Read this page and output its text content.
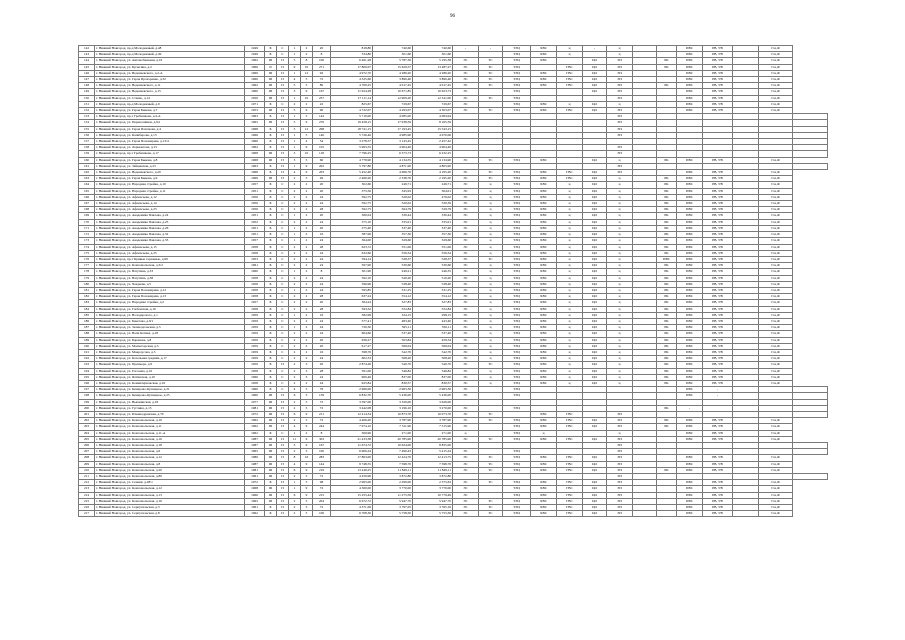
96
142	г. Нижний Новгород, пр-д Молодежный, д.48	1949	Б	С	1	2	20	818,80	740,60	740,60	-	-	ТЭЦ	ХВС	ц	-	ц			ПВС	РВ, УВ		Газ,Ф	
143	г. Нижний Новгород, пр-д Молодежный, д.49	1949	Б	С	1	2	8	334,80	301,60	301,60			ТЭЦ	ХВС	ц		ц			ПВС	РВ, УВ		Газ,Ф	
144	г. Нижний Новгород, ул. Автомобильная, д.16	1962	III	П	5	8	100	6 461,28	5 787,36	5 195,38	ЭС	ТС	ТЭЦ	ХВС		ЦО	ЭП		РК	ПВС	РВ, УВ		Газ,Ф	
145	г. Нижний Новгород, ул. Бусыгина, д.2	1966	II	П	9	10	271	17 800,07	15 629,57	13 487,27	ЭС	ТС	ТЭЦ		ГВС	ЦО	ЭП		РК	ПВС	РВ, УВ		Газ,Ф	
146	г. Нижний Новгород, ул. Веденеевского, д.2-А	1969	III	П	1	12	92	4 972,70	4 289,20	4 289,20	ЭС	ТС	ТЭЦ	ХВС	ГВС	ЦО	ЭП			ПВС	РВ, УВ		Газ,Ф	
147	г. Нижний Новгород, ул. Героя Прохоренко, д.32	1960	III	П	4	5	72	4 325,60	3 890,40	3 890,40	ЭС	ТС	ТЭЦ	ХВС	ГВС	ЦО	ЭП			ПВС	РВ, УВ		Газ,Ф	
148	г. Нижний Новгород, ул. Веденеевского, д.11	1962	III	П	5	5	80	4 709,25	4 017,45	4 017,45	ЭС	ТС	ТЭЦ	ХВС	ГВС	ЦО	ЭП		РК	ПВС	РВ, УВ		Газ,Ф	
149	г. Нижний Новгород, ул. Веденеевского, д.15	1960	III	П	3	9	167	11 924,28	10 671,85	10 623,73	ЭС		ТЭЦ			ЦО	ЭП			ПВС	РВ, УВ		Газ,Ф	
150	г. Нижний Новгород, ул. Станко, д.14	1950	III	П	1	10	257	17 111,14	12 909,20	12 341,00	ЭС	ТС	ТЭЦ				ЭП			ПВС	РВ, УВ		Газ,Ф	
151	г. Нижний Новгород, пр-д Молодежный, д.9	1971	Б	С	2	2	22	825,67	729,67	729,67	ЭС		ТЭЦ	ХВС	ц	ЦО	ц			ПВС	РВ, УВ		Газ,Ф	
152	г. Нижний Новгород, ул. Героя Быкова, д.7	1953	III	П	5	6	90	4 722,07	4 293,07	4 303,07	ЭС	ТС	ТЭЦ	ХВС	ГВС	ЦО	ЭП			ПВС	РВ, УВ		Газ,Ф	
153	г. Нижний Новгород, пр-т Гребешкова, д.4-А	1963	Б	П	1	5	142	5 719,00	4 085,00	4 084,94							ЭП							
154	г. Нижний Новгород, ул. Перевозчиков, д.94	1965	III	П	5	9	270	19 458,15	17 938,59	8 165,59							ЭП							
155	г. Нижний Новгород, ул. Героя Пахомова, д.4	1968	Б	П	5	12	298	18 741,15	17 193,45	15 543,15							ЭП							
156	г. Нижний Новгород, ул. Калиберова, д.13	1966	Б	П	1	5	140	5 726,46	4 985,90	4 670,06							ЭП							
157	г. Нижний Новгород, ул. Героя Пономарева, д.13/4	1966	Б	П	1	4	54	3 278,57	3 143,45	2 457,42														
158	г. Нижний Новгород, ул. Лермонтова, д.15	1962	Б	П	1	9	105	5 963,55	4 904,40	4 904,40							ЭП							
159	г. Нижний Новгород, пр-т Гребешкова, д.17	1968	III	П	3	10	118	7 796,25	6 373,73	6 232,25							ЭП							
160	г. Нижний Новгород, ул. Героя Быкова, д.8	1968	III	П	3	5	60	4 779,90	4 134,55	4 134,90	ЭС	ТС	ТЭЦ	ХВС		ЦО	ц		РК	ПВС	РВ, УВ		Газ,Ф	
161	г. Нижний Новгород, ул. Зайцевская, д.23	1963	Б	П	1	9	202	5 797,80	4 871,90	4 803,90							ЭП							
162	г. Нижний Новгород, ул. Веденеевского, д.20	1968	Б	П	4	9	203	5 452,40	4 696,70	4 195,20	ЭС	ТС	ТЭЦ	ХВС	ГВС	ЦО	ЭП			ПВС	РВ, УВ		Газ,Ф	
163	г. Нижний Новгород, ул. Героя Быкова, д.9	1969	III	П	2	5	49	2 469,20	2 338,70	2 195,20	ЭС	ТС	ТЭЦ	ХВС	ГВС	ЦО	ц		РК	ПВС	РВ, УВ		Газ,Ф	
164	г. Нижний Новгород, ул. Народная стройка, д.10	1957	Б	С	2	2	20	302,60	249,71	249,71	ЭС	ц	ТЭЦ	ХВС	ц	ЦО	ц		РК	ПВС	РВ, УВ		Газ,Ф	
165	г. Нижний Новгород, ул. Народная стройка, д.11	1951	Б	С	2	2	20	375,56	345,93	304,01	ЭС	ц	ТЭЦ	ХВС	ц	ЦО	ц		РК	ПВС	РВ, УВ		Газ,Ф	
166	г. Нижний Новгород, ул. Афанасьева, д.12	1956	Б	С	2	2	24	592,75	520,02	476,02	ЭС	ц	ТЭЦ	ХВС	ц	ЦО	ц		РК	ПВС	РВ, УВ		Газ,Ф	
167	г. Нижний Новгород, ул. Афанасьева, д.14	1956	Б	С	2	2	24	592,75	520,02	530,39	ЭС	ц	ТЭЦ	ХВС	ц	ЦО	ц		РК	ПВС	РВ, УВ		Газ,Ф	
168	г. Нижний Новгород, ул. Афанасьева, д.23	1956	Б	С	2	2	28	592,75	564,79	529,79	ЭС	ц	ТЭЦ	ХВС	ц	ЦО	ц		РК	ПВС	РВ, УВ		Газ,Ф	
169	г. Нижний Новгород, ул. Академика Павлова, д.24	1951	Б	С	1	2	20	360,04	330,44	330,44	ЭС	ц	ТЭЦ	ХВС	ц	ЦО	ц		РК	ПВС	РВ, УВ		Газ,Ф	
170	г. Нижний Новгород, ул. Академика Павлова, д.25	1952	Б	С	2	2	24	375,10	335,01	335,01	ЭС	ц	ТЭЦ	ХВС	ц	ЦО	ц		РК	ПВС	РВ, УВ		Газ,Ф	
171	г. Нижний Новгород, ул. Академика Павлова, д.26	1951	Б	С	1	2	20	375,40	337,40	337,40	ЭС	ц	ТЭЦ	ХВС	ц	ЦО	ц		РК	ПВС	РВ, УВ		Газ,Ф	
172	г. Нижний Новгород, ул. Академика Павлова, д.32	1951	Б	С	1	2	16	387,96	357,30	357,30	ЭС	ц	ТЭЦ	ХВС	ц	ЦО	ц		РК	ПВС	РВ, УВ		Газ,Ф	
173	г. Нижний Новгород, ул. Академика Павлова, д.33	1957	Б	С	1	2	24	364,00	329,60	329,60	ЭС	ц	ТЭЦ	ХВС	ц	ЦО	ц		РК	ПВС	РВ, УВ		Газ,Ф	
174	г. Нижний Новгород, ул. Афанасьева, д.15	1958	Б	С	2	2	28	623,72	551,06	551,06	ЭС	ц	ТЭЦ	ХВС	ц	ЦО	ц		РК	ПВС	РВ, УВ		Газ,Ф	
175	г. Нижний Новгород, ул. Афанасьева, д.25	1958	Б	С	2	2	24	632,60	556,34	556,34	ЭС	ц	ТЭЦ	ХВС	ц	ЦО	ц		РК	ПВС	РВ, УВ		Газ,Ф	
176	г. Нижний Новгород, пр-т Кривые гаражные, д.69	1953	Б	С	2	2	24	594,14	528,37	528,37	ЭС	ТС	ТЭЦ	ХВС	ц	ЦО	ц		ПВС	ПВС	РВ, УВ		Газ,Ф	
177	г. Нижний Новгород, ул. Комсомольская, д.3/2	1961	Б	С	2	2	24	597,90	530,60	530,60	ЭС	ц	ТЭЦ	ХВС	ц	ЦО	ц		РК	ПВС	РВ, УВ		Газ,Ф	
178	г. Нижний Новгород, ул. Ватутина, д.33	1960	Б	С	1	2	8	301,90	249,21	246,35	ЭС	ц	ТЭЦ	ХВС	ц	ЦО	ц		РК	ПВС	РВ, УВ		Газ,Ф	
179	г. Нижний Новгород, ул. Ватутина, д.38	1958	Б	С	2	2	24	592,10	540,20	510,20	ЭС	ц	ТЭЦ	ХВС	ц	ЦО	ц		РК	ПВС	РВ, УВ		Газ,Ф	
180	г. Нижний Новгород, ул. Чаадаева, д.5	1958	Б	С	2	2	24	596,96	538,40	538,40	ЭС	ц	ТЭЦ	ХВС	ц	ЦО	ц		РК	ПВС	РВ, УВ		Газ,Ф	
181	г. Нижний Новгород, ул. Героя Пономарева, д.12	1958	Б	С	1	2	24	595,85	531,25	531,25	ЭС	ц	ТЭЦ	ХВС	ц	ЦО	ц		РК	ПВС	РВ, УВ		Газ,Ф	
182	г. Нижний Новгород, ул. Героя Пономарева, д.13	1958	Б	С	2	2	28	637,24	554,12	554,12	ЭС	ц	ТЭЦ	ХВС	ц	ЦО	ц		РК	ПВС	РВ, УВ		Газ,Ф	
183	г. Нижний Новгород, ул. Народная стройка, д.2	1957	Б	С	2	2	20	364,24	327,83	327,83	ЭС	ц	ТЭЦ	ХВС	ц	ЦО	ц		РК	ПВС	РВ, УВ		Газ,Ф	
184	г. Нижний Новгород, ул. Глебовская, д.10	1958	Б	С	2	2	28	593,32	552,84	552,84	ЭС	ц	ТЭЦ	ХВС	ц	ЦО	ц		РК	ПВС	РВ, УВ		Газ,Ф	
185	г. Нижний Новгород, ул. Володарского, д.1	1959	Б	С	1	2	16	382,99	324,15	298,15	ЭС	ц	ТЭЦ	ХВС	ц	ЦО	ц		РК	ПВС	РВ, УВ		Газ,Ф	
186	г. Нижний Новгород, ул. Бекетова, д.9/1	1959	Б	С	2	2	24	577,41	483,40	443,40	ЭС	ц	ТЭЦ	ХВС	ц	ЦО	ц		РК	ПВС	РВ, УВ		Газ,Ф	
187	г. Нижний Новгород, ул. Зеленодольская, д.5	1959	Б	С	1	2	24	720,30	595,11	556,11	ЭС	ц	ТЭЦ	ХВС	ц	ЦО	ц		РК	ПВС	РВ, УВ		Газ,Ф	
188	г. Нижний Новгород, ул. Вали Котика, д.18	1959	Б	С	2	2	24	604,60	537,40	537,40	ЭС	ц	ТЭЦ	ХВС	ц	ЦО	ц		РК	ПВС	РВ, УВ		Газ,Ф	
189	г. Нижний Новгород, ул. Баранова, д.8	1959	Б	С	2	2	20	636,27	503,84	459,34	ЭС	ц	ТЭЦ	ХВС	ц	ЦО	ц		РК	ПВС	РВ, УВ		Газ,Ф	
190	г. Нижний Новгород, ул. Мончегорская, д.3	1959	Б	С	2	2	20	617,27	569,04	569,04	ЭС	ц	ТЭЦ	ХВС	ц	ЦО	ц		РК	ПВС	РВ, УВ		Газ,Ф	
191	г. Нижний Новгород, ул. Мокроусова, д.5	1959	Б	С	2	2	16	598,70	542,70	542,70	ЭС	ц	ТЭЦ	ХВС	ц	ЦО	ц		РК	ПВС	РВ, УВ		Газ,Ф	
192	г. Нижний Новгород, ул. Котельная средняя, д.17	1959	Б	С	2	2	24	602,33	568,20	508,20	ЭС	ц	ТЭЦ	ХВС	ц	ЦО	ц		РК	ПВС	РВ, УВ		Газ,Ф	
193	г. Нижний Новгород, ул. Премьера, д.9	1959	Б	П	2	3	20	2 874,26	540,70	540,70	ЭС	ТС	ТЭЦ	ХВС	ц	ЦО	ц		РК	ПВС	РВ, УВ		Газ,Ф	
194	г. Нижний Новгород, ул. Гоголева, д.10	1958	Б	С	2	3	28	591,00	546,82	546,82	ЭС	ц	ТЭЦ	ХВС	ц	ЦО	ц		РК	ПВС	РВ, УВ		Газ,Ф	
195	г. Нижний Новгород, ул. Ялтинская, д.10	1960	Б	С	2	3	24	900,46	837,00	837,00	ЭС	ц	ТЭЦ	ХВС	ц	ЦО	ц		РК	ПВС	РВ, УВ		Газ,Ф	
196	г. Нижний Новгород, ул. Коминтерновская, д.16	1958	Б	С	2	2	24	925,84	830,57	830,57	ЭС	ц	ТЭЦ	ХВС	ц	ЦО	ц		РК	ПВС	РВ, УВ		Газ,Ф	
197	г. Нижний Новгород, ул. Кемерово-Кузнецкое, д.21	1960	Б	С	4	5	76	2 969,00	2 963,30	2 963,30	ЭС		ТЭЦ							ПВС	-			
198	г. Нижний Новгород, ул. Кемерово-Кузнецкое, д.25	1960	III	П	6	5	139	6 832,70	5 436,00	5 436,00	ЭС		ТЭЦ							ПВС	-			
199	г. Нижний Новгород, ул. Вьюжинская, д.18	1977	III	П	2	5	72	3 597,00	3 329,00	3 629,00														
200	г. Нижний Новгород, ул. Гуслица, д.15	1981	III	П	2	5	72	3 442,08	3 196,10	3 270,00	ЭС		ТЭЦ						РК	-				
201	г. Нижний Новгород, ул. Ильинодранская, д.79	1972	III	П	6	9	211	12 414,34	10 873,70	10 073,70	ЭС	ТС		ХВС	ГВС		ЭП							
202	г. Нижний Новгород, ул. Комсомольская, д.10	1962	III	П	2	5	72	4 406,20	3 787,90	3 787,90	ЭС	ТС	ТЭЦ	ХВС	ГВС	ЦО	ЭП		РК	ПВС	РВ, УВ		Газ,Ф	
203	г. Нижний Новгород, ул. Комсомольская, д.11	1962	III	П	4	9	244	7 974,10	7 311,90	7 515,90	ЭС		ТЭЦ	ХВС	ГВС	ЦО	ЭП		РК	ПВС	РВ, УВ		Газ,Ф	
204	г. Нижний Новгород, ул. Комсомольская, д.11-А	1962	Б	С	1	2	8	306,96	271,00	271,00	ц		ТЭЦ	ц			ц			ПВС	РВ, УВ		Газ,Ф	
205	г. Нижний Новгород, ул. Комсомольская, д.16	1987	III	П	11	9	303	21 433,38	20 785,90	20 785,90	ЭС	ТС	ТЭЦ	ХВС	ГВС	ЦО	ЭП			ПВС	РВ, УВ		Газ,Ф	
206	г. Нижний Новгород, ул. Комсомольская, д.18	1987	III	П	3	9	167	11 674,72	10 624,00	8 855,00							ЭП							
207	г. Нижний Новгород, ул. Комсомольская, д.6	1965	III	П	2	5	100	6 906,24	7 490,43	5 415,24	ЭС		ТЭЦ				ЭП							
208	г. Нижний Новгород, ул. Комсомольская, д.12	1980	III	П	8	16	283	17 863,00	12 424,70	12 413,75	ЭС	ТС	ТЭЦ	ХВС	ГВС	ЦО	ЭП			ПВС	РВ, УВ		Газ,Ф	
209	г. Нижний Новгород, ул. Комсомольская, д.8	1987	III	П	4	9	144	9 748,55	7 598,70	7 598,70	ЭС	ТС	ТЭЦ	ХВС	ГВС	ЦО	ЭП			ПВС	РВ, УВ		Газ,Ф	
210	г. Нижний Новгород, ул. Комсомольская, д.20	1981	III	П	6	9	216	13 246,25	11 849,11	11 849,11	ЭС	ТС	ТЭЦ	ХВС	ГВС	ЦО	ЭП		РК	ПВС	РВ, УВ		Газ,Ф	
211	г. Нижний Новгород, ул. Комсомольская, д.80	1961	III	П	2	5	72	4 459,96	3 872,80	3 872,80							ЭП							
212	г. Нижний Новгород, ул. Сенная, д.28/1	1972	Б	П	1	5	98	2 963,00	2 299,00	2 373,63	ЭС	ТС	ТЭЦ	ХВС	ГВС	ЦО	ЭП			ПВС	РВ, УВ		Газ,Ф	
213	г. Нижний Новгород, ул. Комсомольская, д.12	1968	III	П	1	9	72	4 300,00	3 770,00	3 770,00	ЭС		ТЭЦ	ХВС	ГВС	ЦО	ЭП			ПВС	РВ, УВ		Газ,Ф	
214	г. Нижний Новгород, ул. Комсомольская, д.13	1966	III	П	6	9	215	15 255,44	11 275,59	10 779,49	ЭС		ТЭЦ	ХВС	ГВС	ЦО	ЭП			ПВС	РВ, УВ		Газ,Ф	
215	г. Нижний Новгород, ул. Комсомольская, д.16	1965	III	П	2	5	204	6 672,72	5 947,70	5 947,70	ЭС	ТС	ТЭЦ	ХВС	ГВС	ЦО	ЭП			ПВС	РВ, УВ		Газ,Ф	
216	г. Нижний Новгород, ул. Серпухальская, д.3	1961	Б	П	2	5	72	4 371,06	3 797,05	3 765,16	ЭС	ТС	ТЭЦ	ХВС	ГВС	ЦО	ЭП			ПВС	РВ, УВ		Газ,Ф	
217	г. Нижний Новгород, ул. Серпухальская, д.8	1962	Б	П	2	5	100	6 708,36	5 758,50	5 753,36	ЭС	ТС	ТЭЦ	ХВС	ГВС	ЦО	ЭП			ПВС	РВ, УВ		Газ,Ф	
